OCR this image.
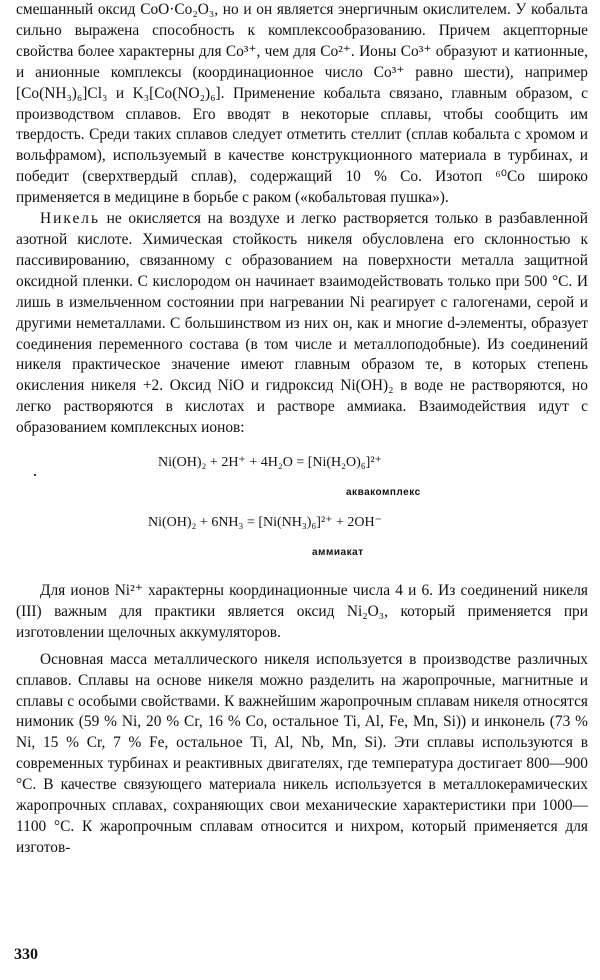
смешанный оксид CoO·Co₂O₃, но и он является энергичным окислителем. У кобальта сильно выражена способность к комплексообразованию. Причем акцепторные свойства более характерны для Co³⁺, чем для Co²⁺. Ионы Co³⁺ образуют и катионные, и анионные комплексы (координационное число Co³⁺ равно шести), например [Co(NH₃)₆]Cl₃ и K₃[Co(NO₂)₆]. Применение кобальта связано, главным образом, с производством сплавов. Его вводят в некоторые сплавы, чтобы сообщить им твердость. Среди таких сплавов следует отметить стеллит (сплав кобальта с хромом и вольфрамом), используемый в качестве конструкционного материала в турбинах, и победит (сверхтвердый сплав), содержащий 10 % Co. Изотоп ⁶⁰Co широко применяется в медицине в борьбе с раком («кобальтовая пушка»).

Никель не окисляется на воздухе и легко растворяется только в разбавленной азотной кислоте. Химическая стойкость никеля обусловлена его склонностью к пассивированию, связанному с образованием на поверхности металла защитной оксидной пленки. С кислородом он начинает взаимодействовать только при 500 °C. И лишь в измельченном состоянии при нагревании Ni реагирует с галогенами, серой и другими неметаллами. С большинством из них он, как и многие d-элементы, образует соединения переменного состава (в том числе и металлоподобные). Из соединений никеля практическое значение имеют главным образом те, в которых степень окисления никеля +2. Оксид NiO и гидроксид Ni(OH)₂ в воде не растворяются, но легко растворяются в кислотах и растворе аммиака. Взаимодействия идут с образованием комплексных ионов:

·
Ni(OH)₂ + 2H⁺ + 4H₂O = [Ni(H₂O)₆]²⁺
аквакомплекс
Ni(OH)₂ + 6NH₃ = [Ni(NH₃)₆]²⁺ + 2OH⁻
аммиакат

Для ионов Ni²⁺ характерны координационные числа 4 и 6. Из соединений никеля (III) важным для практики является оксид Ni₂O₃, который применяется при изготовлении щелочных аккумуляторов.

Основная масса металлического никеля используется в производстве различных сплавов. Сплавы на основе никеля можно разделить на жаропрочные, магнитные и сплавы с особыми свойствами. К важнейшим жаропрочным сплавам никеля относятся нимоник (59 % Ni, 20 % Cr, 16 % Co, остальное Ti, Al, Fe, Mn, Si)) и инконель (73 % Ni, 15 % Cr, 7 % Fe, остальное Ti, Al, Nb, Mn, Si). Эти сплавы используются в современных турбинах и реактивных двигателях, где температура достигает 800—900 °C. В качестве связующего материала никель используется в металлокерамических жаропрочных сплавах, сохраняющих свои механические характеристики при 1000—1100 °C. К жаропрочным сплавам относится и нихром, который применяется для изготов-

330
